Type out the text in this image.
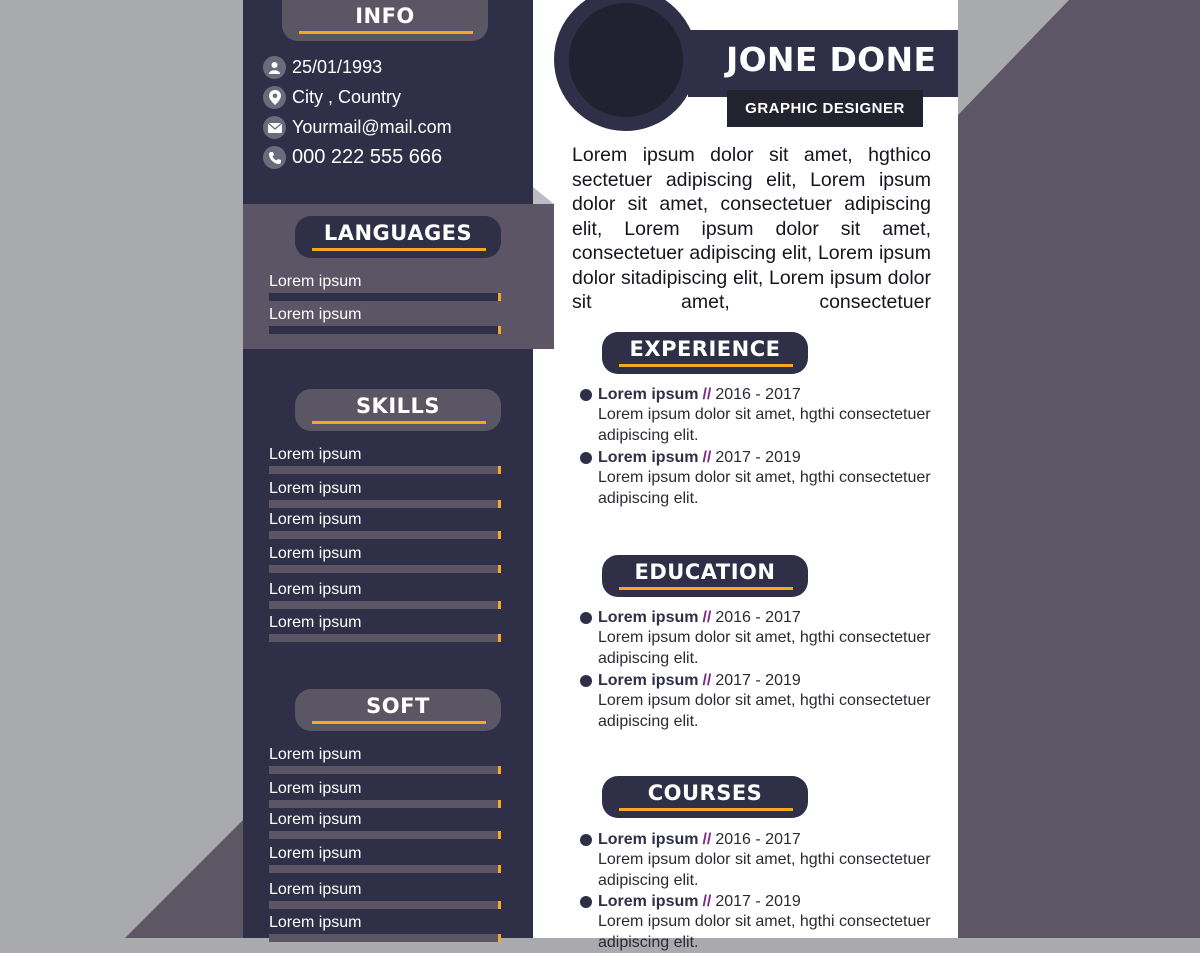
INFO
25/01/1993
City , Country
Yourmail@mail.com
000 222 555 666
LANGUAGES
Lorem ipsum
Lorem ipsum
SKILLS
Lorem ipsum
Lorem ipsum
Lorem ipsum
Lorem ipsum
Lorem ipsum
Lorem ipsum
SOFT
Lorem ipsum
Lorem ipsum
Lorem ipsum
Lorem ipsum
Lorem ipsum
Lorem ipsum
JONE DONE
GRAPHIC DESIGNER
Lorem ipsum dolor sit amet, hgthico sectetuer adipiscing elit, Lorem ipsum dolor sit amet, consectetuer adipiscing elit, Lorem ipsum dolor sit amet, consectetuer adipiscing elit, Lorem ipsum dolor sitadipiscing elit, Lorem ipsum dolor sit amet, consectetuer
EXPERIENCE
Lorem ipsum // 2016 - 2017
Lorem ipsum dolor sit amet, hgthi consectetuer adipiscing elit.
Lorem ipsum // 2017 - 2019
Lorem ipsum dolor sit amet, hgthi consectetuer adipiscing elit.
EDUCATION
Lorem ipsum // 2016 - 2017
Lorem ipsum dolor sit amet, hgthi consectetuer adipiscing elit.
Lorem ipsum // 2017 - 2019
Lorem ipsum dolor sit amet, hgthi consectetuer adipiscing elit.
COURSES
Lorem ipsum // 2016 - 2017
Lorem ipsum dolor sit amet, hgthi consectetuer adipiscing elit.
Lorem ipsum // 2017 - 2019
Lorem ipsum dolor sit amet, hgthi consectetuer adipiscing elit.
